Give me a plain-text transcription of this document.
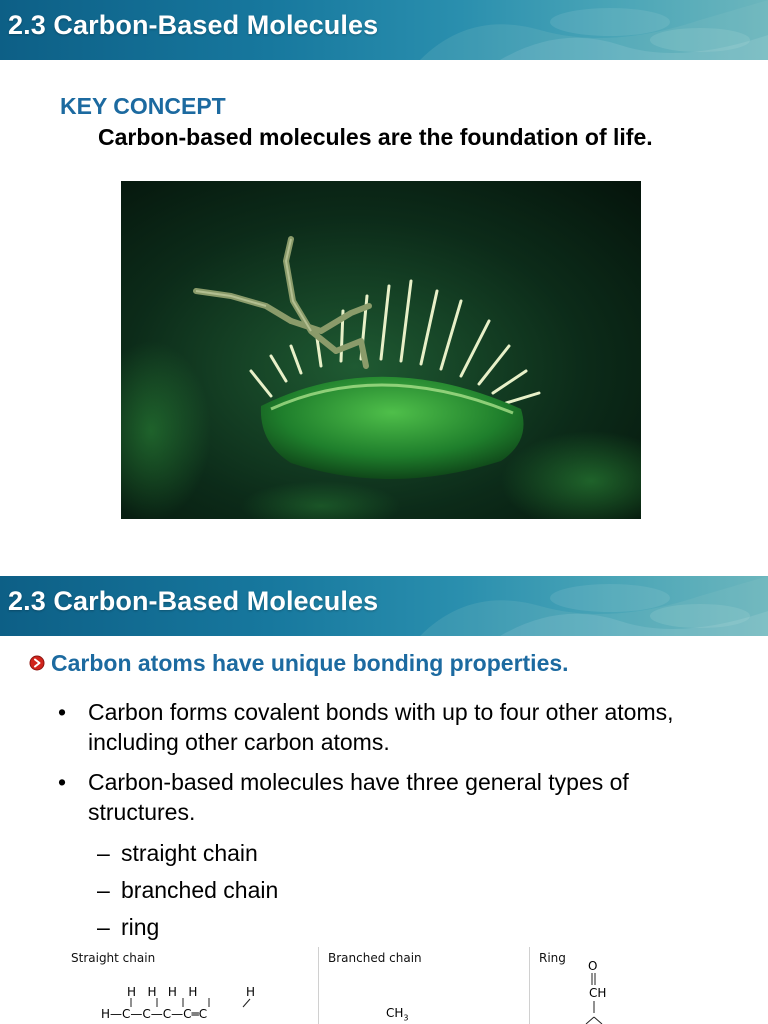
2.3 Carbon-Based Molecules
KEY CONCEPT
Carbon-based molecules are the foundation of life.
2.3 Carbon-Based Molecules
Carbon atoms have unique bonding properties.
• Carbon forms covalent bonds with up to four other atoms,
including other carbon atoms.
• Carbon-based molecules have three general types of
structures.
– straight chain
– branched chain
– ring
Straight chain	Branched chain	Ring
H   H   H   H	H
H—C—C—C—C═C	$CH_3$
O
CH
